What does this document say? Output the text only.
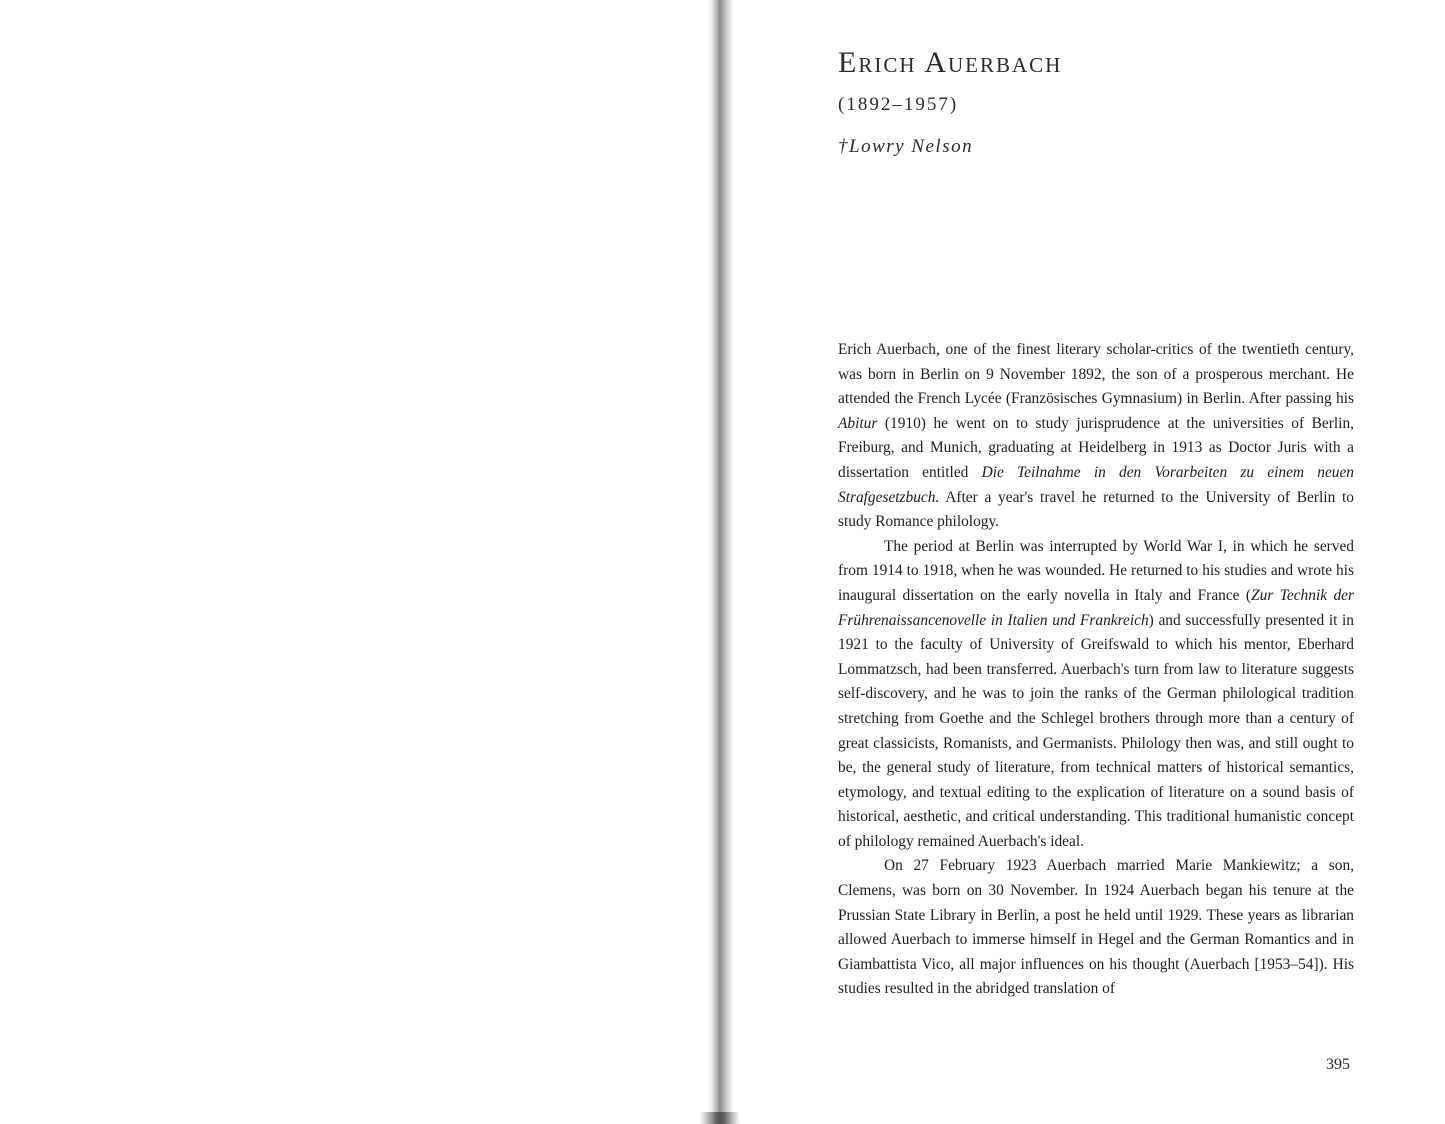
Erich Auerbach
(1892–1957)
†Lowry Nelson

Erich Auerbach, one of the finest literary scholar-critics of the twentieth century, was born in Berlin on 9 November 1892, the son of a prosperous merchant. He attended the French Lycée (Französisches Gymnasium) in Berlin. After passing his Abitur (1910) he went on to study jurisprudence at the universities of Berlin, Freiburg, and Munich, graduating at Heidelberg in 1913 as Doctor Juris with a dissertation entitled Die Teilnahme in den Vorarbeiten zu einem neuen Strafgesetzbuch. After a year's travel he returned to the University of Berlin to study Romance philology.

The period at Berlin was interrupted by World War I, in which he served from 1914 to 1918, when he was wounded. He returned to his studies and wrote his inaugural dissertation on the early novella in Italy and France (Zur Technik der Frührenaissancenovelle in Italien und Frankreich) and successfully presented it in 1921 to the faculty of University of Greifswald to which his mentor, Eberhard Lommatzsch, had been transferred. Auerbach's turn from law to literature suggests self-discovery, and he was to join the ranks of the German philological tradition stretching from Goethe and the Schlegel brothers through more than a century of great classicists, Romanists, and Germanists. Philology then was, and still ought to be, the general study of literature, from technical matters of historical semantics, etymology, and textual editing to the explication of literature on a sound basis of historical, aesthetic, and critical understanding. This traditional humanistic concept of philology remained Auerbach's ideal.

On 27 February 1923 Auerbach married Marie Mankiewitz; a son, Clemens, was born on 30 November. In 1924 Auerbach began his tenure at the Prussian State Library in Berlin, a post he held until 1929. These years as librarian allowed Auerbach to immerse himself in Hegel and the German Romantics and in Giambattista Vico, all major influences on his thought (Auerbach [1953–54]). His studies resulted in the abridged translation of

395
